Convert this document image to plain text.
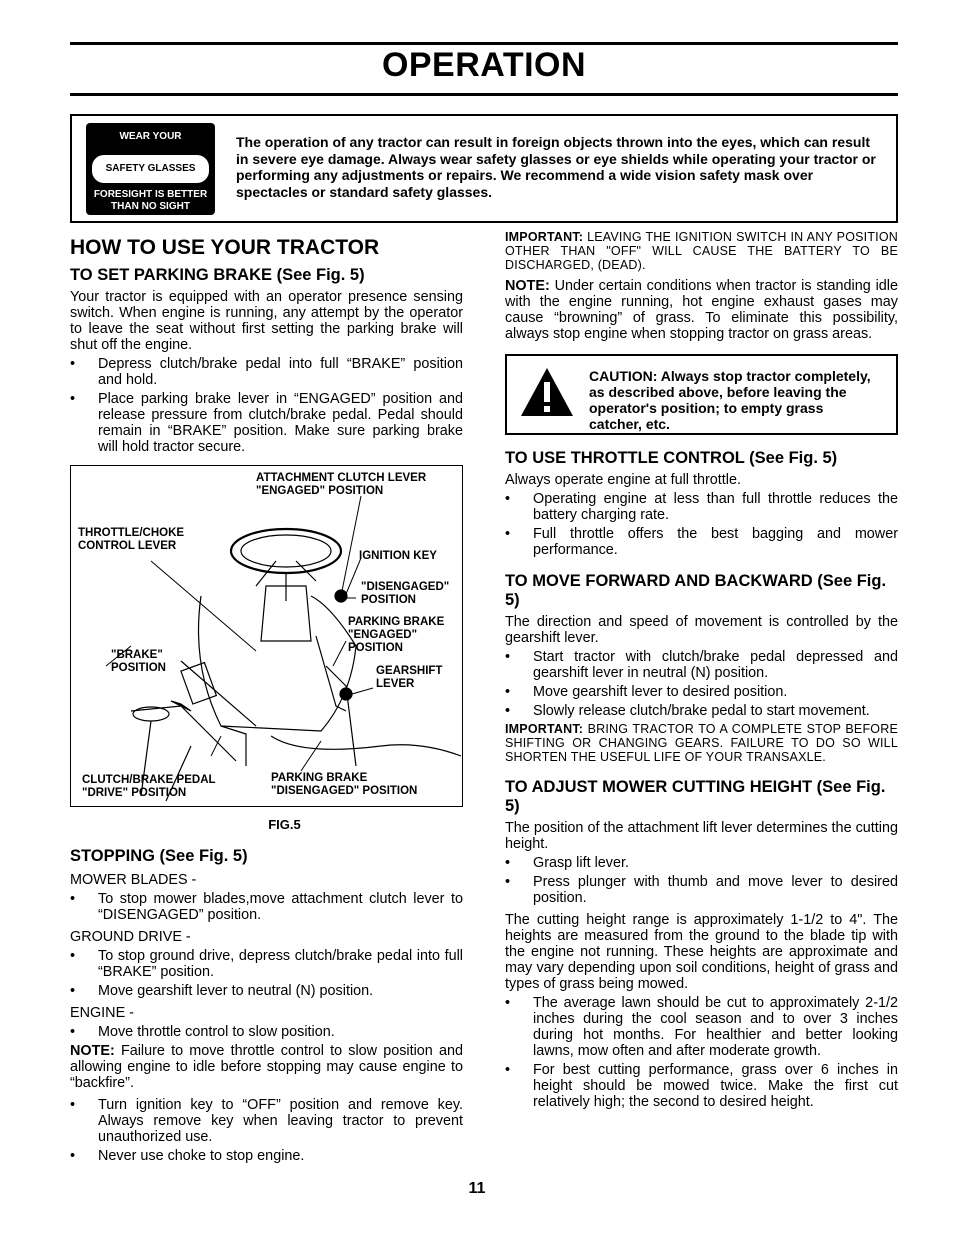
OPERATION
WEAR YOUR
SAFETY GLASSES
FORESIGHT IS BETTER
THAN NO SIGHT
The operation of any tractor can result in foreign objects thrown into the eyes, which can result in severe eye damage. Always wear safety glasses or eye shields while operating your tractor or performing any adjustments or repairs. We recommend a wide vision safety mask over spectacles or standard safety glasses.
HOW TO USE YOUR TRACTOR
TO SET PARKING BRAKE (See Fig. 5)

Your tractor is equipped with an operator presence sensing switch. When engine is running, any attempt by the operator to leave the seat without first setting the parking brake will shut off the engine.

• Depress clutch/brake pedal into full “BRAKE” position and hold.
• Place parking brake lever in “ENGAGED” position and release pressure from clutch/brake pedal. Pedal should remain in “BRAKE” position. Make sure parking brake will hold tractor secure.
ATTACHMENT CLUTCH LEVER
"ENGAGED" POSITION
THROTTLE/CHOKE
CONTROL LEVER
IGNITION KEY
"DISENGAGED"
POSITION
PARKING BRAKE
"ENGAGED"
POSITION
"BRAKE"
POSITION	GEARSHIFT
LEVER
CLUTCH/BRAKE PEDAL
"DRIVE" POSITION
PARKING BRAKE
"DISENGAGED" POSITION
FIG.5
STOPPING (See Fig. 5)

MOWER BLADES -

• To stop mower blades,move attachment clutch lever to “DISENGAGED” position.

GROUND DRIVE -

• To stop ground drive, depress clutch/brake pedal into full “BRAKE” position.
• Move gearshift lever to neutral (N) position.

ENGINE -

• Move throttle control to slow position.

NOTE: Failure to move throttle control to slow position and allowing engine to idle before stopping may cause engine to “backfire”.

• Turn ignition key to “OFF” position and remove key. Always remove key when leaving tractor to prevent unauthorized use.
• Never use choke to stop engine.

IMPORTANT: LEAVING THE IGNITION SWITCH IN ANY POSITION OTHER THAN "OFF" WILL CAUSE THE BATTERY TO BE DISCHARGED, (DEAD).

NOTE: Under certain conditions when tractor is standing idle with the engine running, hot engine exhaust gases may cause “browning” of grass. To eliminate this possibility, always stop engine when stopping tractor on grass areas.

CAUTION: Always stop tractor completely, as described above, before leaving the operator's position; to empty grass catcher, etc.
TO USE THROTTLE CONTROL (See Fig. 5)

Always operate engine at full throttle.

• Operating engine at less than full throttle reduces the battery charging rate.
• Full throttle offers the best bagging and mower performance.
TO MOVE FORWARD AND BACKWARD (See Fig. 5)

The direction and speed of movement is controlled by the gearshift lever.

• Start tractor with clutch/brake pedal depressed and gearshift lever in neutral (N) position.
• Move gearshift lever to desired position.
• Slowly release clutch/brake pedal to start movement.

IMPORTANT: BRING TRACTOR TO A COMPLETE STOP BEFORE SHIFTING OR CHANGING GEARS. FAILURE TO DO SO WILL SHORTEN THE USEFUL LIFE OF YOUR TRANSAXLE.

TO ADJUST MOWER CUTTING HEIGHT (See Fig. 5)

The position of the attachment lift lever determines the cutting height.

• Grasp lift lever.
• Press plunger with thumb and move lever to desired position.

The cutting height range is approximately 1-1/2 to 4". The heights are measured from the ground to the blade tip with the engine not running. These heights are approximate and may vary depending upon soil conditions, height of grass and types of grass being mowed.

• The average lawn should be cut to approximately 2-1/2 inches during the cool season and to over 3 inches during hot months. For healthier and better looking lawns, mow often and after moderate growth.
• For best cutting performance, grass over 6 inches in height should be mowed twice. Make the first cut relatively high; the second to desired height.
11
